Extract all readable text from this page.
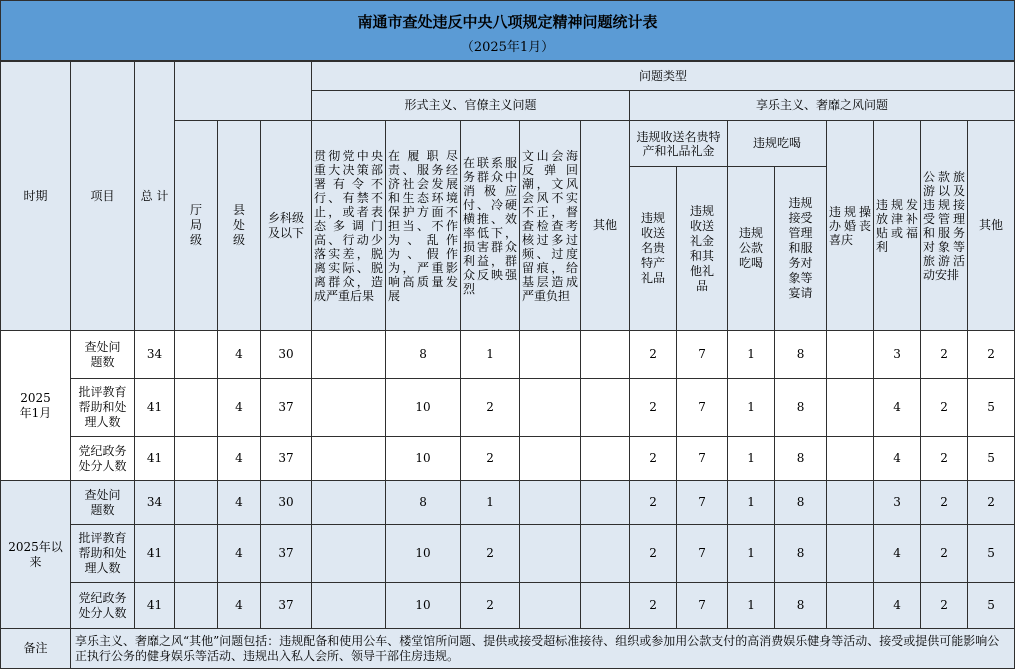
南通市查处违反中央八项规定精神问题统计表
（2025年1月）
时期	项目	总 计				问题类型												
						形式主义、官僚主义问题					享乐主义、奢靡之风问题							
			厅局级	县处级	乡科级及以下	贯彻党中央重大决策部署有令不行、有禁不止，或者表态多调门高、行动少落实差，脱离实际、脱离群众，造成严重后果	在履职尽责、服务经济社会发展和生态环境保护方面不担当、不作为、乱作为、假作为，严重影响高质量发展	在联系服务群众中消极应付、冷硬横推、效率低下，损害群众利益，群众反映强烈	文山会海反弹回潮，文风会风不实不正，督查检查考核过多过频、过度留痕，给基层造成严重负担	其他	违规收送名贵特产和礼品礼金		违规吃喝		违规操办婚丧喜庆	违规发放津补贴或福利	公款旅游以及违规接受管理和服务对象等旅游活动安排	其他
											违规收送名贵特产礼品	违规收送礼金和其他礼品	违规公款吃喝	违规接受管理和服务对象等宴请				
2025年1月	查处问题数	34		4	30		8	1			2	7	1	8		3	2	2
	批评教育帮助和处理人数	41		4	37		10	2			2	7	1	8		4	2	5
	党纪政务处分人数	41		4	37		10	2			2	7	1	8		4	2	5
2025年以来	查处问题数	34		4	30		8	1			2	7	1	8		3	2	2
	批评教育帮助和处理人数	41		4	37		10	2			2	7	1	8		4	2	5
	党纪政务处分人数	41		4	37		10	2			2	7	1	8		4	2	5
备注	享乐主义、奢靡之风“其他”问题包括：违规配备和使用公车、楼堂馆所问题、提供或接受超标准接待、组织或参加用公款支付的高消费娱乐健身等活动、接受或提供可能影响公正执行公务的健身娱乐等活动、违规出入私人会所、领导干部住房违规。																	
